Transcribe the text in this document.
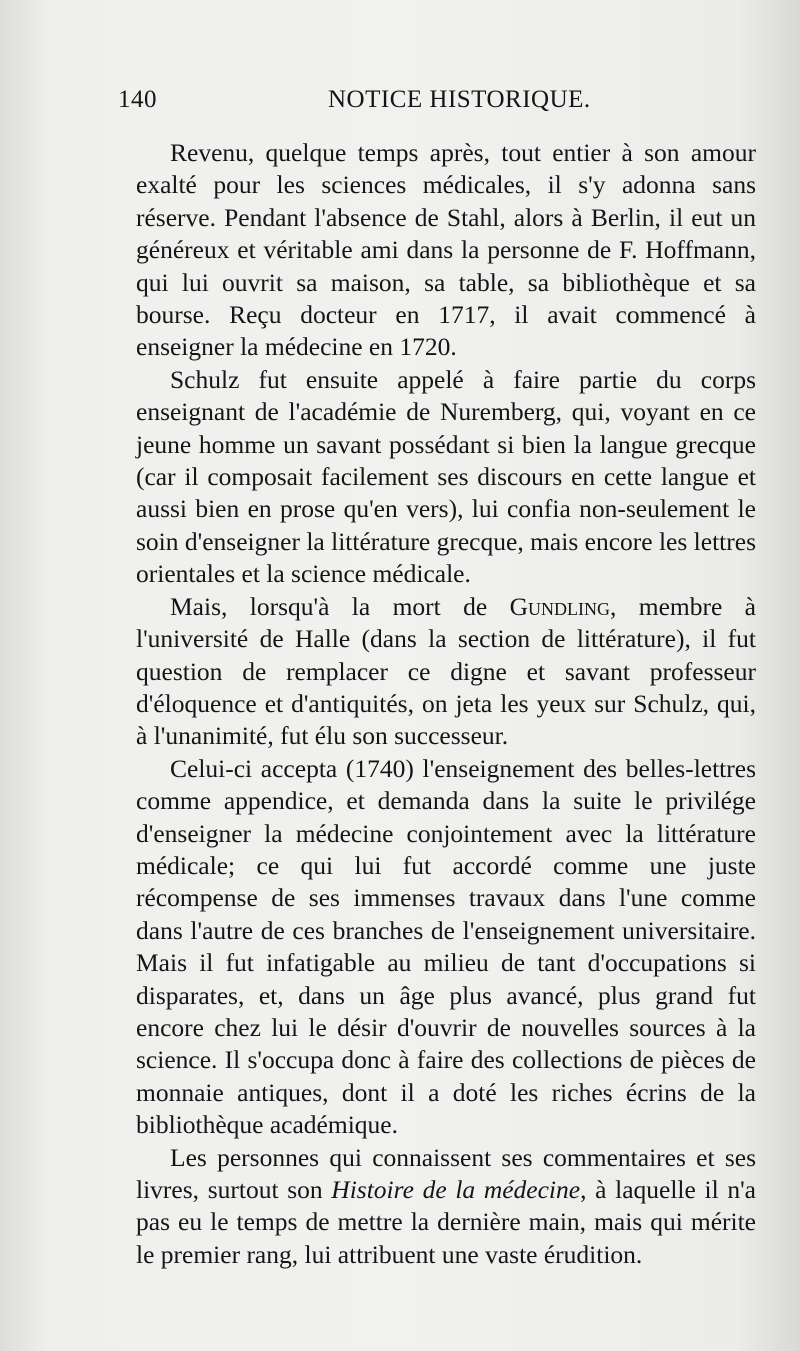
140	NOTICE HISTORIQUE.

Revenu, quelque temps après, tout entier à son amour exalté pour les sciences médicales, il s'y adonna sans réserve. Pendant l'absence de Stahl, alors à Berlin, il eut un généreux et véritable ami dans la personne de F. Hoffmann, qui lui ouvrit sa maison, sa table, sa bibliothèque et sa bourse. Reçu docteur en 1717, il avait commencé à enseigner la médecine en 1720.

Schulz fut ensuite appelé à faire partie du corps enseignant de l'académie de Nuremberg, qui, voyant en ce jeune homme un savant possédant si bien la langue grecque (car il composait facilement ses discours en cette langue et aussi bien en prose qu'en vers), lui confia non-seulement le soin d'enseigner la littérature grecque, mais encore les lettres orientales et la science médicale.

Mais, lorsqu'à la mort de Gundling, membre à l'université de Halle (dans la section de littérature), il fut question de remplacer ce digne et savant professeur d'éloquence et d'antiquités, on jeta les yeux sur Schulz, qui, à l'unanimité, fut élu son successeur.

Celui-ci accepta (1740) l'enseignement des belles-lettres comme appendice, et demanda dans la suite le privilége d'enseigner la médecine conjointement avec la littérature médicale; ce qui lui fut accordé comme une juste récompense de ses immenses travaux dans l'une comme dans l'autre de ces branches de l'enseignement universitaire. Mais il fut infatigable au milieu de tant d'occupations si disparates, et, dans un âge plus avancé, plus grand fut encore chez lui le désir d'ouvrir de nouvelles sources à la science. Il s'occupa donc à faire des collections de pièces de monnaie antiques, dont il a doté les riches écrins de la bibliothèque académique.

Les personnes qui connaissent ses commentaires et ses livres, surtout son Histoire de la médecine, à laquelle il n'a pas eu le temps de mettre la dernière main, mais qui mérite le premier rang, lui attribuent une vaste érudition.
